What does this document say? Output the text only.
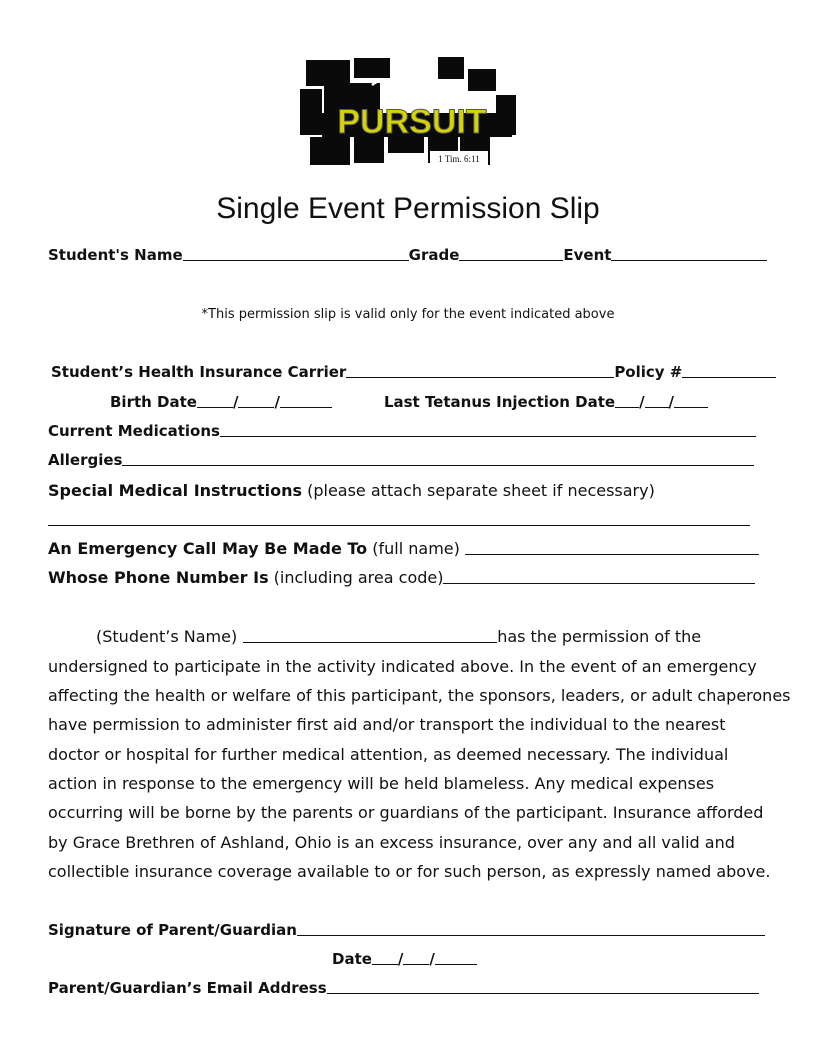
1 Tim. 6:11
PURSUIT
Single Event Permission Slip
Student's Name	Grade	Event
*This permission slip is valid only for the event indicated above
Student’s Health Insurance Carrier	Policy #
Birth Date / /	Last Tetanus Injection Date / /
Current Medications
Allergies
Special Medical Instructions (please attach separate sheet if necessary)
An Emergency Call May Be Made To (full name)
Whose Phone Number Is (including area code)
(Student’s Name)	has the permission of the
undersigned to participate in the activity indicated above. In the event of an emergency
affecting the health or welfare of this participant, the sponsors, leaders, or adult chaperones
have permission to administer first aid and/or transport the individual to the nearest
doctor or hospital for further medical attention, as deemed necessary. The individual
action in response to the emergency will be held blameless. Any medical expenses
occurring will be borne by the parents or guardians of the participant. Insurance afforded
by Grace Brethren of Ashland, Ohio is an excess insurance, over any and all valid and
collectible insurance coverage available to or for such person, as expressly named above.
Signature of Parent/Guardian
Date / /
Parent/Guardian’s Email Address
